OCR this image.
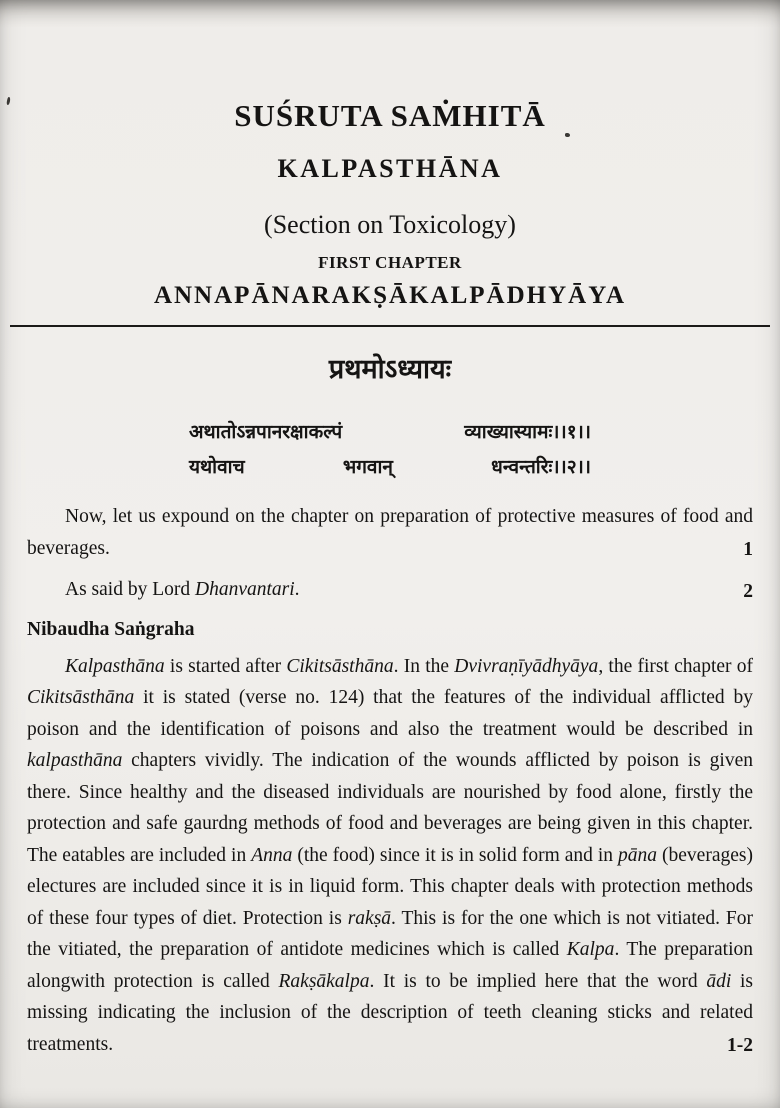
SUŚRUTA SAṀHITĀ
KALPASTHĀNA
(Section on Toxicology)
FIRST CHAPTER
ANNAPĀNARAKṢĀKALPĀDHYĀYA
प्रथमोऽध्यायः
अथातोऽन्नपानरक्षाकल्पं	व्याख्यास्यामः।।१।।
यथोवाच	भगवान्	धन्वन्तरिः।।२।।

Now, let us expound on the chapter on preparation of protective measures of food and beverages.	1

As said by Lord Dhanvantari.	2
Nibaudha Saṅgraha

Kalpasthāna is started after Cikitsāsthāna. In the Dvivraṇīyādhyāya, the first chapter of Cikitsāsthāna it is stated (verse no. 124) that the features of the individual afflicted by poison and the identification of poisons and also the treatment would be described in kalpasthāna chapters vividly. The indication of the wounds afflicted by poison is given there. Since healthy and the diseased individuals are nourished by food alone, firstly the protection and safe gaurdng methods of food and beverages are being given in this chapter. The eatables are included in Anna (the food) since it is in solid form and in pāna (beverages) electures are included since it is in liquid form. This chapter deals with protection methods of these four types of diet. Protection is rakṣā. This is for the one which is not vitiated. For the vitiated, the preparation of antidote medicines which is called Kalpa. The preparation alongwith protection is called Rakṣākalpa. It is to be implied here that the word ādi is missing indicating the inclusion of the description of teeth cleaning sticks and related treatments.	1-2
